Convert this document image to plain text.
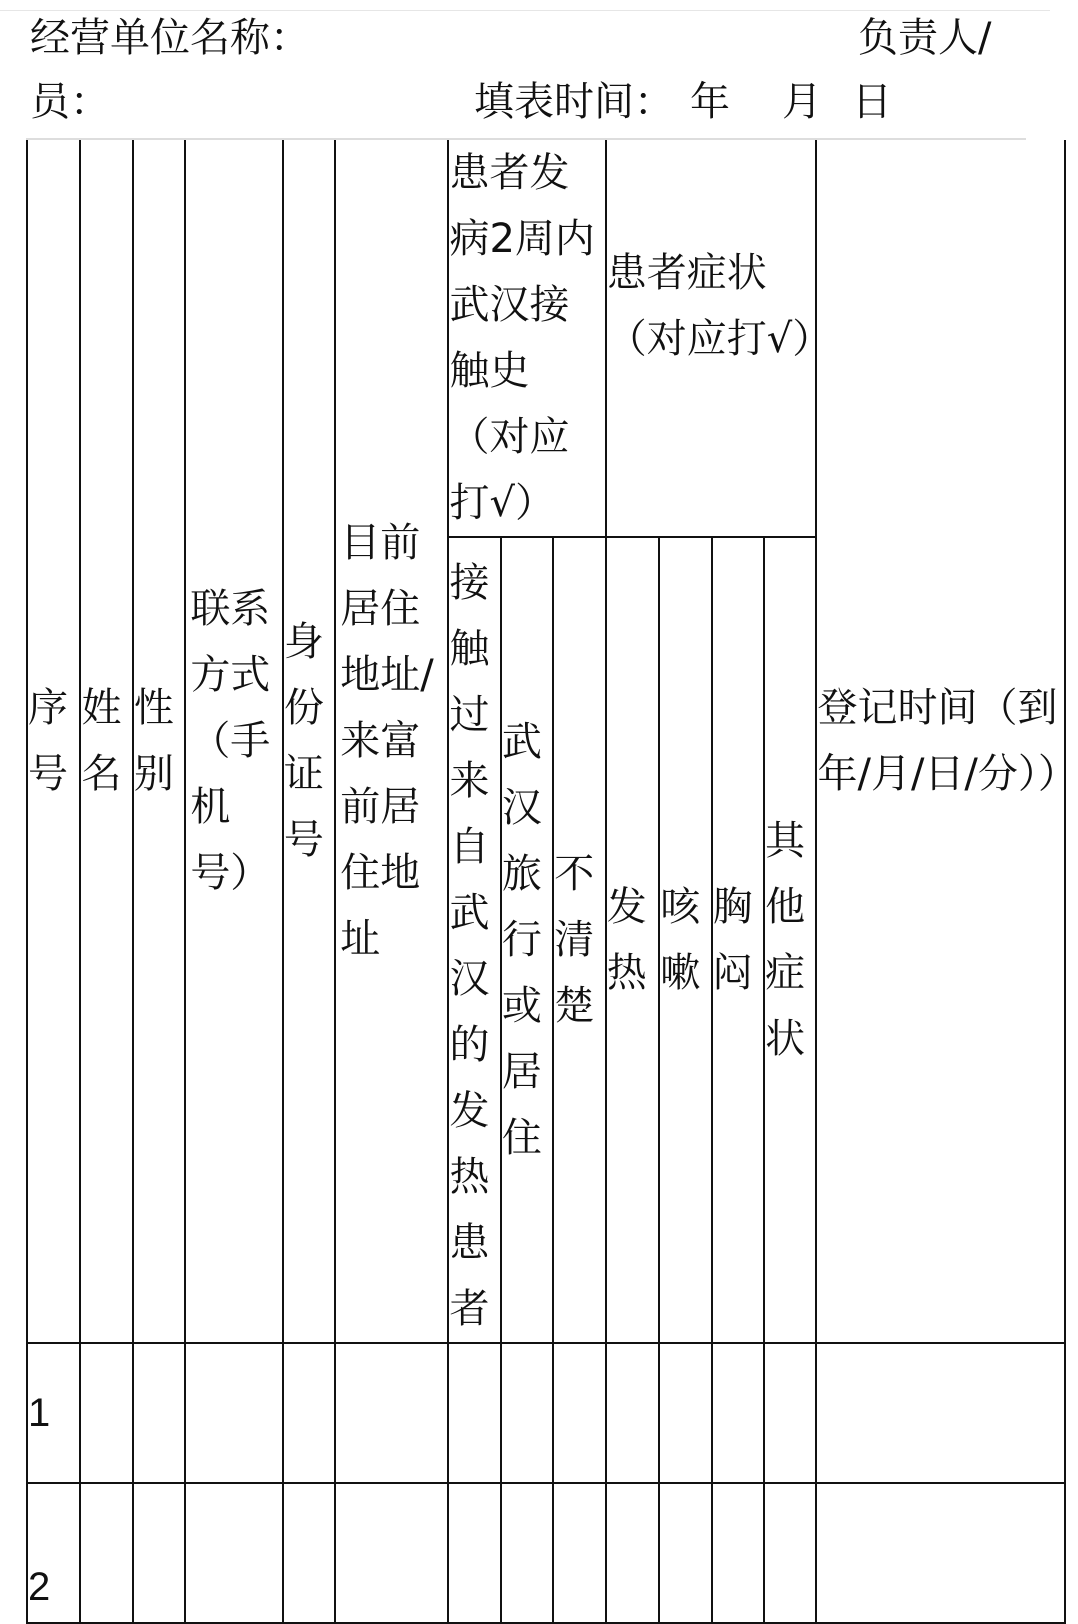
经营单位名称：	负责人/
员：	填表时间： 年 月 日
序号	姓名	性别	联系方式（手机号）	身份证号	目前居住地址/来富前居住地址	患者发病2周内武汉接触史（对应打√）			患者症状（对应打√）				登记时间（到年/月/日/分））
						接触过来自武汉的发热患者	武汉旅行或居住	不清楚	发热	咳嗽	胸闷	其他症状	
1													
2													
